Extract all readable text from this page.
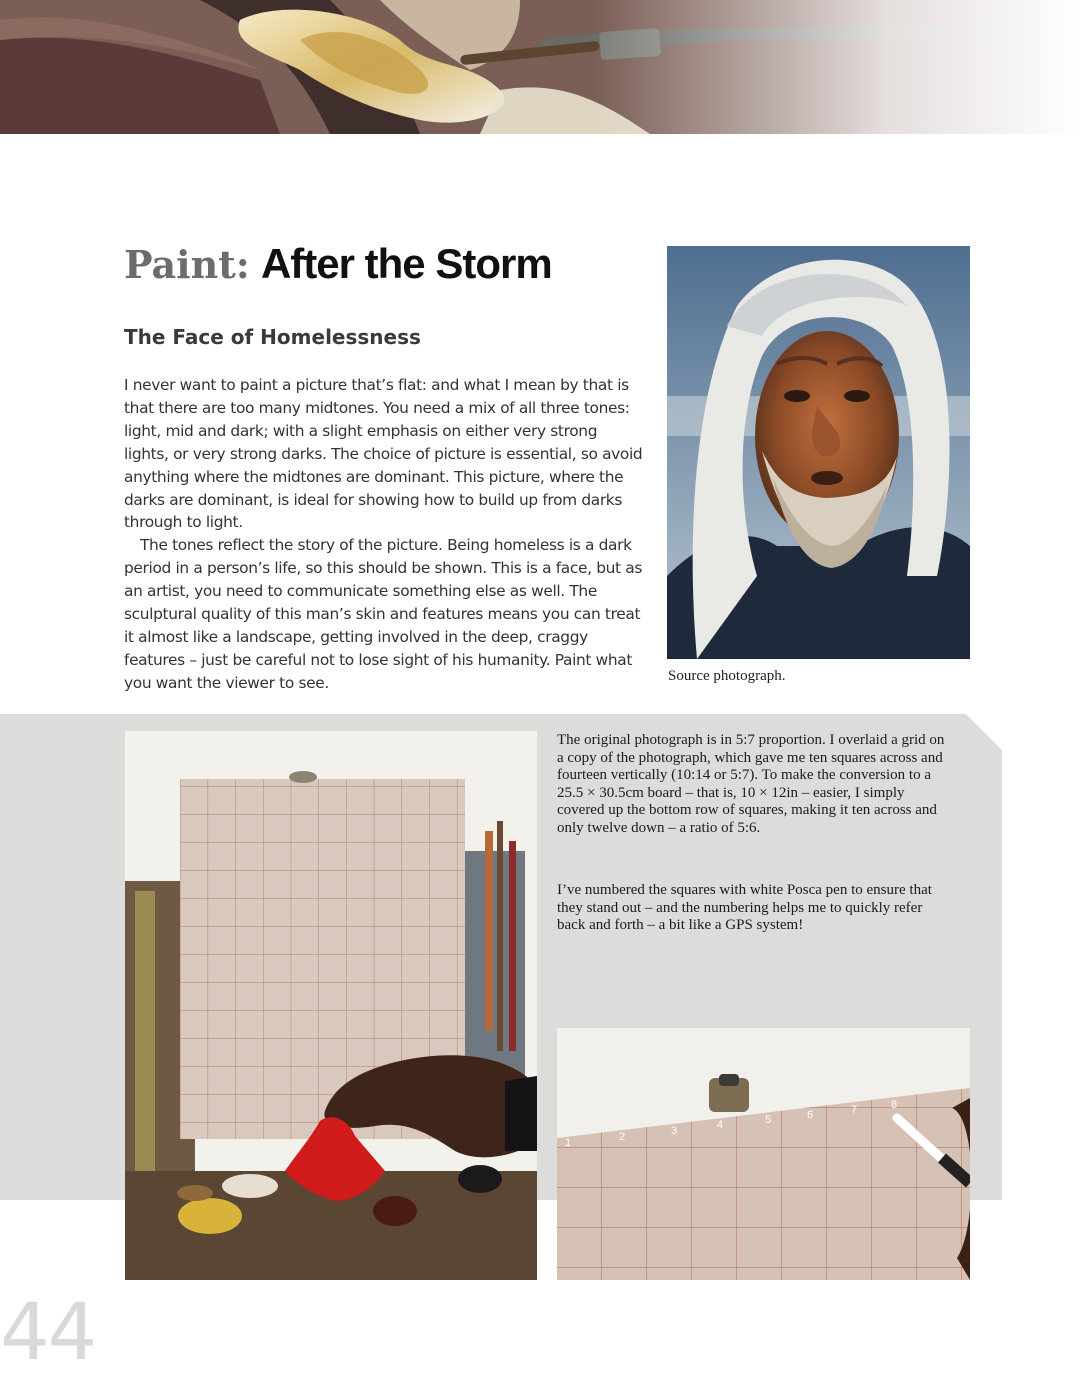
Paint: After the Storm
The Face of Homelessness

I never want to paint a picture that’s flat: and what I mean by that is that there are too many midtones. You need a mix of all three tones: light, mid and dark; with a slight emphasis on either very strong lights, or very strong darks. The choice of picture is essential, so avoid anything where the midtones are dominant. This picture, where the darks are dominant, is ideal for showing how to build up from darks through to light.

The tones reflect the story of the picture. Being homeless is a dark period in a person’s life, so this should be shown. This is a face, but as an artist, you need to communicate something else as well. The sculptural quality of this man’s skin and features means you can treat it almost like a landscape, getting involved in the deep, craggy features – just be careful not to lose sight of his humanity. Paint what you want the viewer to see.	Source photograph.
1	2	3	4	5	6	7	8

The original photograph is in 5:7 proportion. I overlaid a grid on a copy of the photograph, which gave me ten squares across and fourteen vertically (10:14 or 5:7). To make the conversion to a 25.5 × 30.5cm board – that is, 10 × 12in – easier, I simply covered up the bottom row of squares, making it ten across and only twelve down – a ratio of 5:6.

I’ve numbered the squares with white Posca pen to ensure that they stand out – and the numbering helps me to quickly refer back and forth – a bit like a GPS system!

44
